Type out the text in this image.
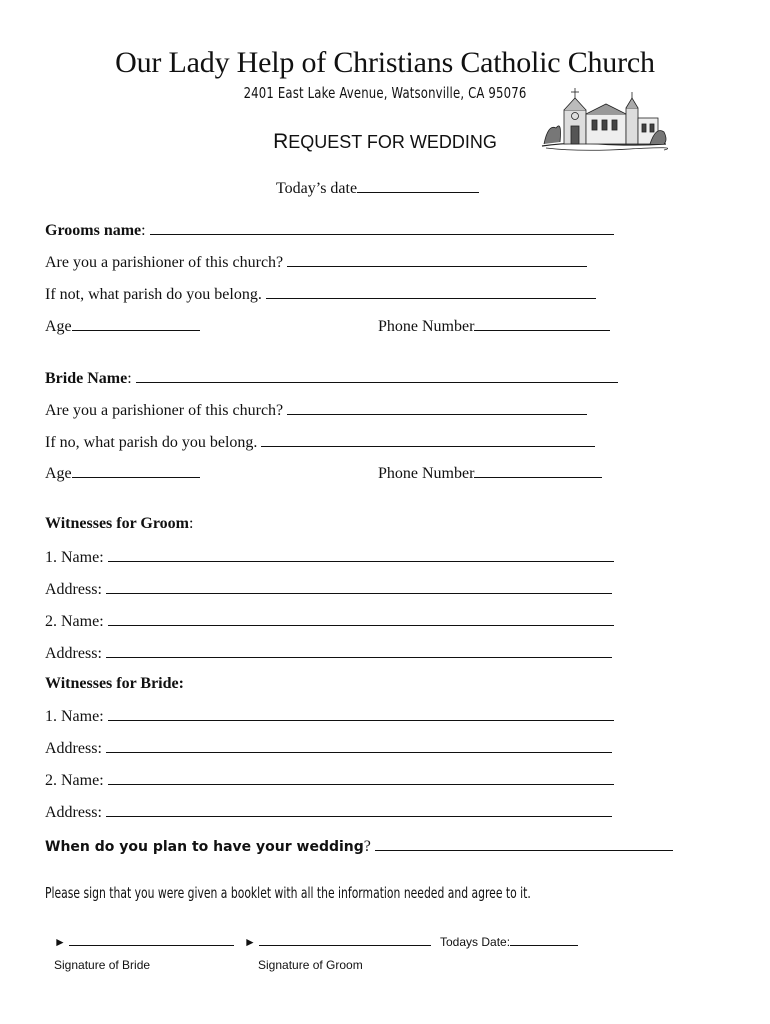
Our Lady Help of Christians Catholic Church
2401 East Lake Avenue, Watsonville, CA 95076
REQUEST FOR WEDDING
Today’s date
Grooms name:
Are you a parishioner of this church?
If not, what parish do you belong.
Age	Phone Number
Bride Name:
Are you a parishioner of this church?
If no, what parish do you belong.
Age	Phone Number
Witnesses for Groom:
1. Name:
Address:
2. Name:
Address:
Witnesses for Bride:
1. Name:
Address:
2. Name:
Address:
When do you plan to have your wedding?
Please sign that you were given a booklet with all the information needed and agree to it.
►	►	Todays Date:
Signature of Bride	Signature of Groom
